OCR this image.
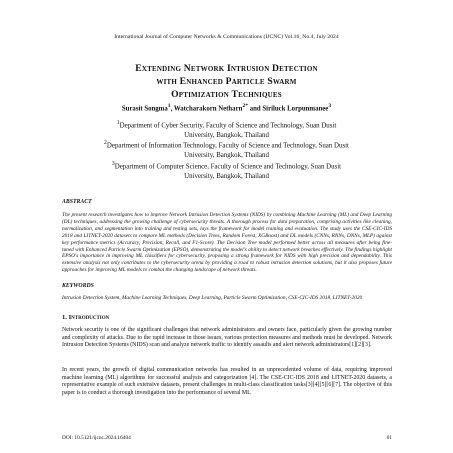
International Journal of Computer Networks & Communications (IJCNC) Vol.16, No.4, July 2024
Extending Network Intrusion Detection
with Enhanced Particle Swarm
Optimization Techniques
Surasit Songma$^1$, Watcharakorn Netharn$^{2*}$ and Siriluck Lorpunmanee$^3$
$^1$Department of Cyber Security, Faculty of Science and Technology, Suan Dusit
University, Bangkok, Thailand
$^2$Department of Information Technology, Faculty of Science and Technology, Suan Dusit
University, Bangkok, Thailand
$^3$Department of Computer Science, Faculty of Science and Technology, Suan Dusit
University, Bangkok, Thailand
ABSTRACT
The present research investigates how to improve Network Intrusion Detection Systems (NIDS) by combining Machine Learning (ML) and Deep Learning (DL) techniques, addressing the growing challenge of cybersecurity threats. A thorough process for data preparation, comprising activities like cleaning, normalization, and segmentation into training and testing sets, lays the framework for model training and evaluation. The study uses the CSE-CIC-IDS 2018 and LITNET-2020 datasets to compare ML methods (Decision Trees, Random Forest, XGBoost) and DL models (CNNs, RNNs, DNNs, MLP) against key performance metrics (Accuracy, Precision, Recall, and F1-Score). The Decision Tree model performed better across all measures after being fine-tuned with Enhanced Particle Swarm Optimization (EPSO), demonstrating the model's ability to detect network breaches effectively. The findings highlight EPSO's importance in improving ML classifiers for cybersecurity, proposing a strong framework for NIDS with high precision and dependability. This extensive analysis not only contributes to the cybersecurity arena by providing a road to robust intrusion detection solutions, but it also proposes future approaches for improving ML models to combat the changing landscape of network threats.
KEYWORDS
Intrusion Detection System, Machine Learning Techniques, Deep Learning, Particle Swarm Optimization, CSE-CIC-IDS 2018, LITNET-2020
1. Introduction
Network security is one of the significant challenges that network administrators and owners face, particularly given the growing number and complexity of attacks. Due to the rapid increase in those issues, various protection measures and methods must be developed. Network Intrusion Detection Systems (NIDS) scan and analyze network traffic to identify assaults and alert network administrators[1][2][3].
In recent years, the growth of digital communication networks has resulted in an unprecedented volume of data, requiring improved machine learning (ML) algorithms for successful analysis and categorization [4]. The CSE-CIC-IDS 2018 and LITNET-2020 datasets, a representative example of such extensive datasets, present challenges in multi-class classification tasks[3][4][5][6][7]. The objective of this paper is to conduct a thorough investigation into the performance of several ML
DOI: 10.5121/ijcnc.2024.16404	61
